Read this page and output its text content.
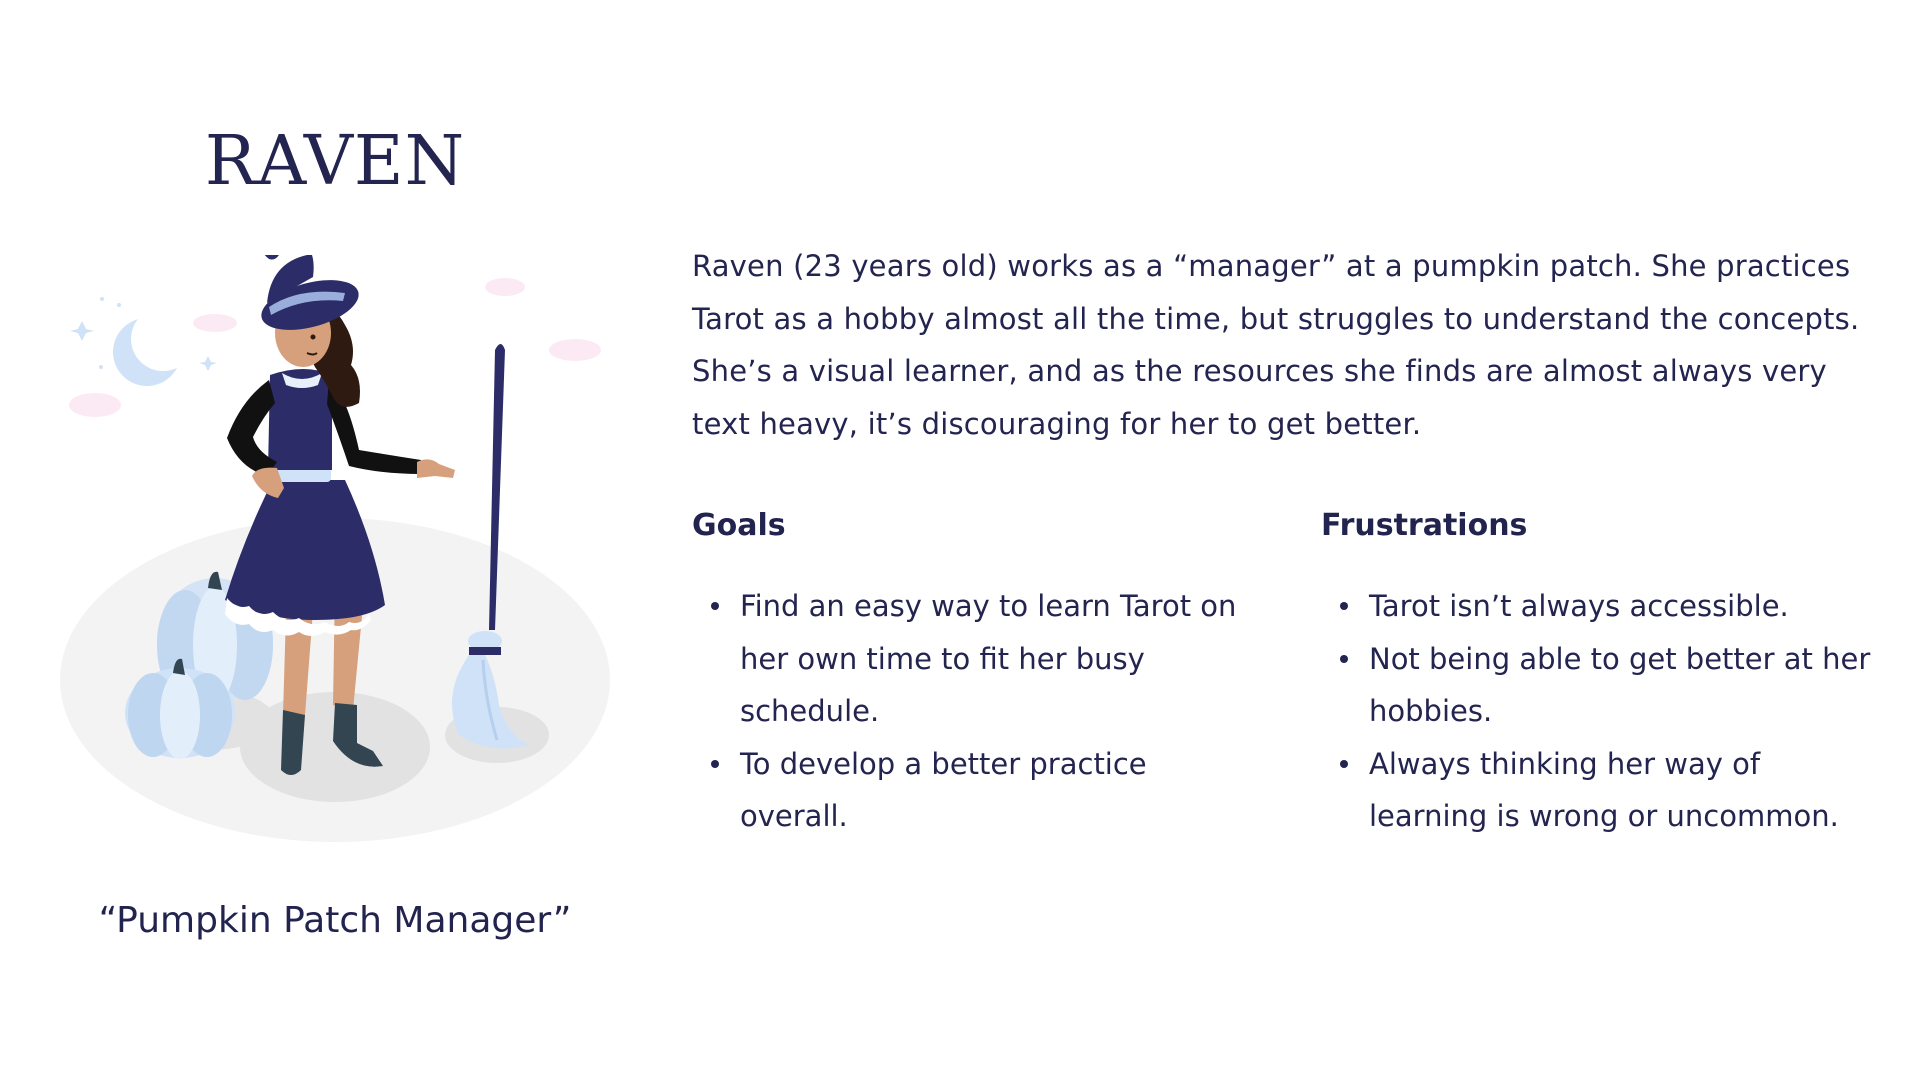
RAVEN
“Pumpkin Patch Manager”

Raven (23 years old) works as a “manager” at a pumpkin patch. She practices Tarot as a hobby almost all the time, but struggles to understand the concepts. She’s a visual learner, and as the resources she finds are almost always very text heavy, it’s discouraging for her to get better.

Goals
Find an easy way to learn Tarot on her own time to fit her busy schedule.
To develop a better practice overall.
Frustrations
Tarot isn’t always accessible.
Not being able to get better at her hobbies.
Always thinking her way of learning is wrong or uncommon.
